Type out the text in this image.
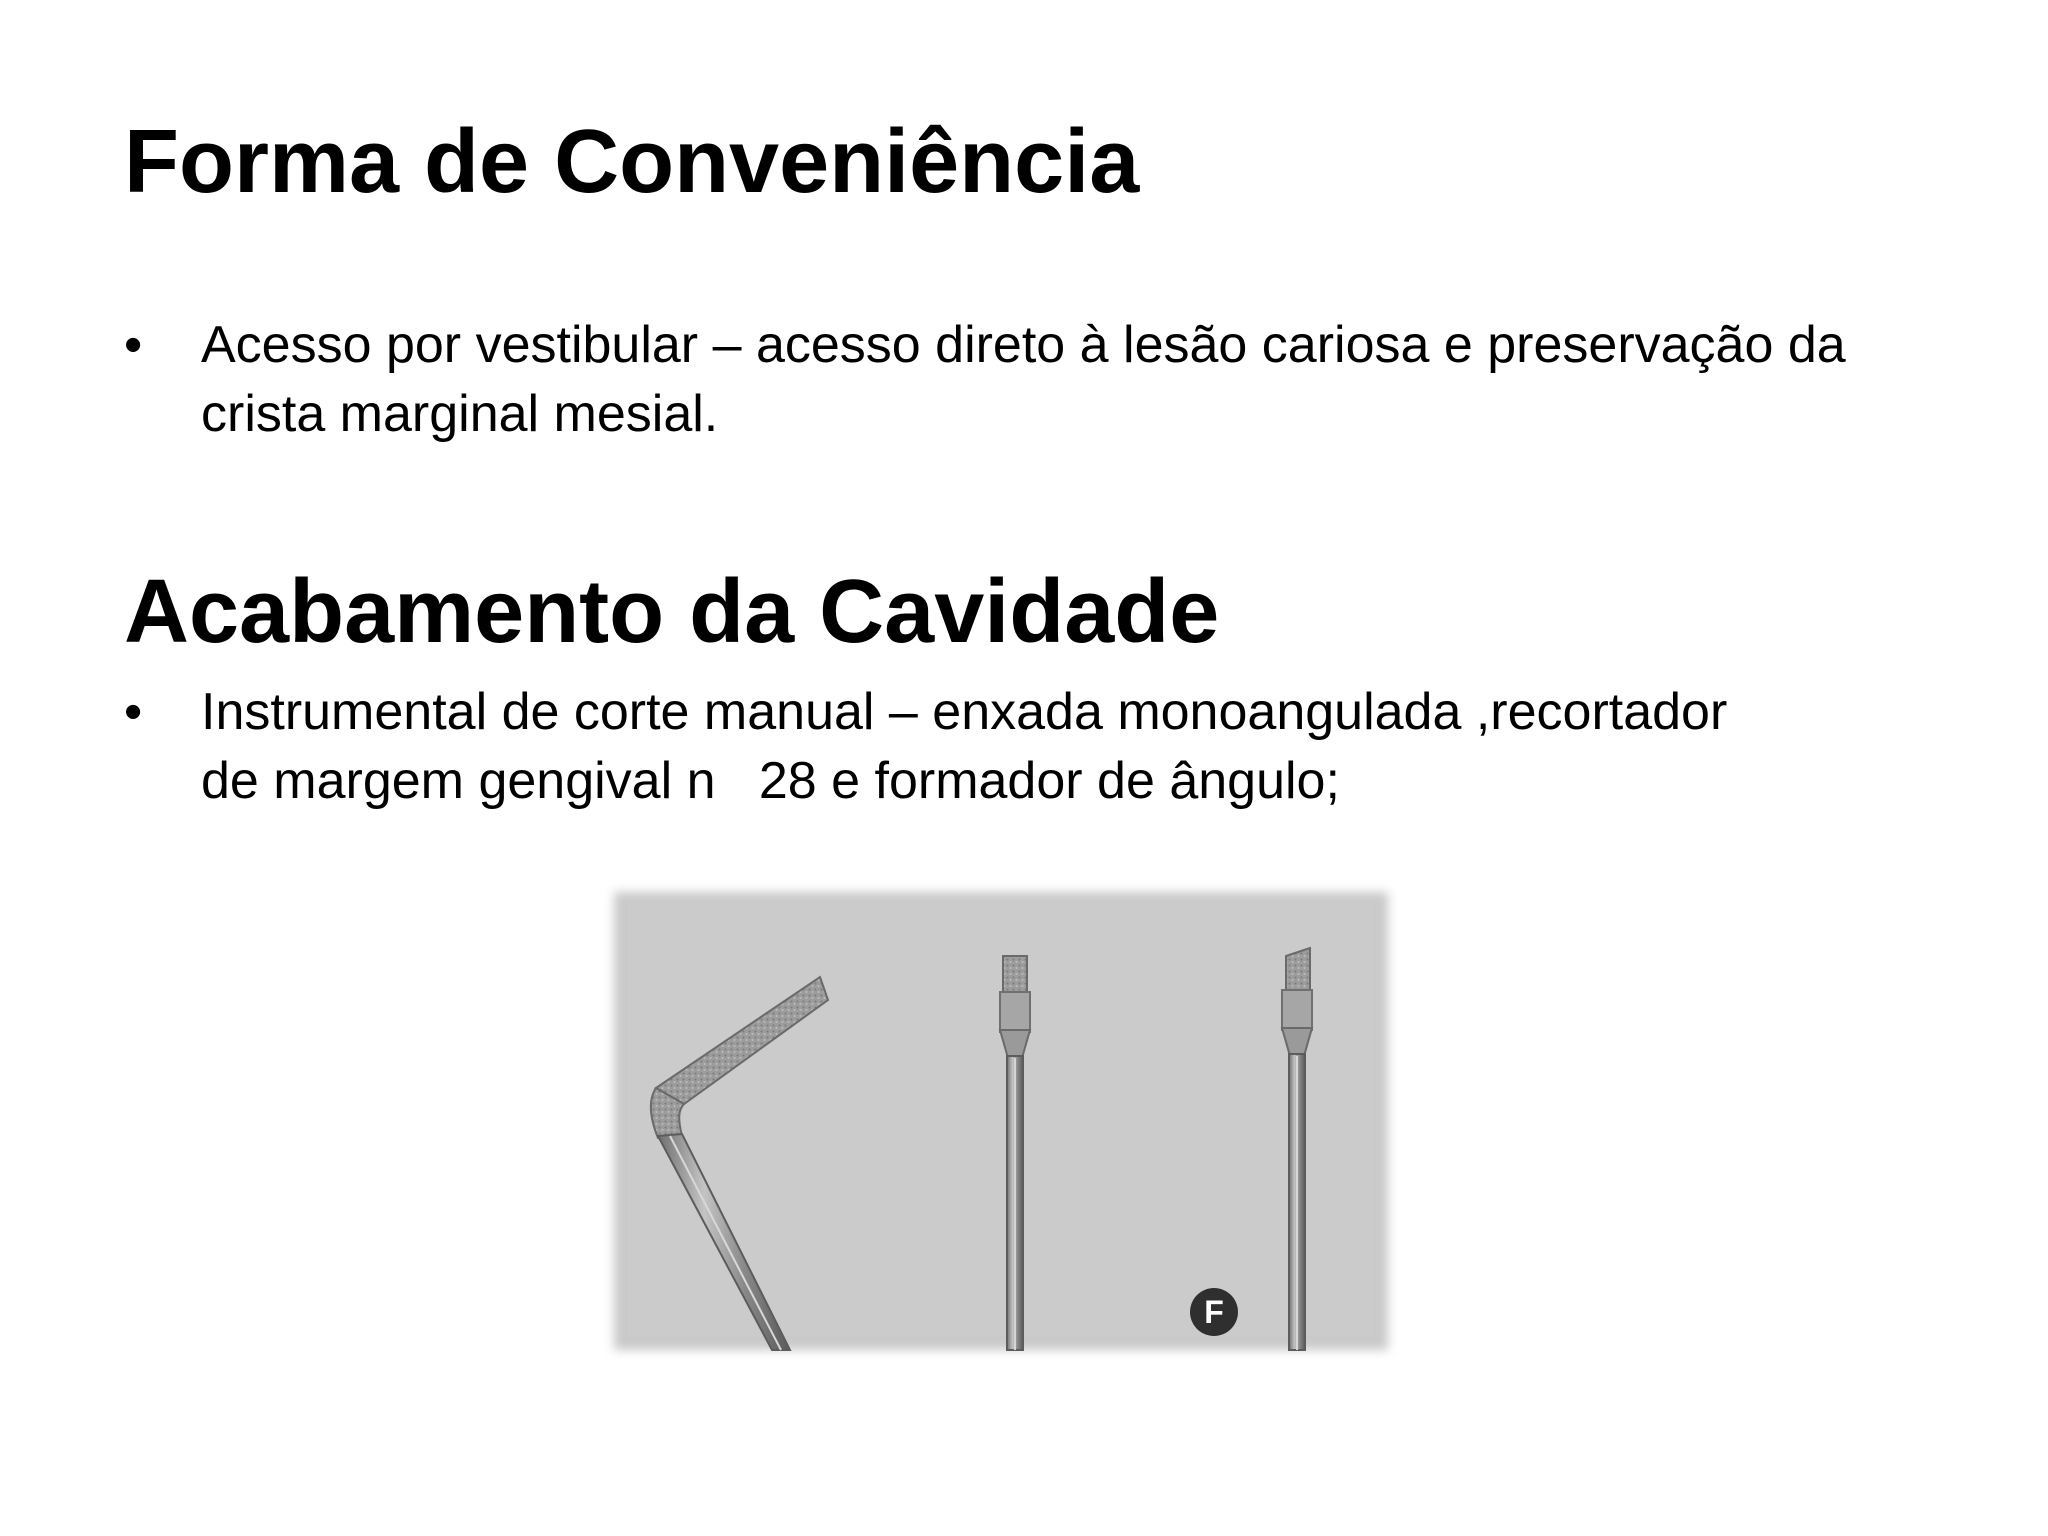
Forma de Conveniência
• Acesso por vestibular – acesso direto à lesão cariosa e preservação da crista marginal mesial.
Acabamento da Cavidade
• Instrumental de corte manual – enxada monoangulada ,recortador
de margem gengival n   28 e formador de ângulo;
F
